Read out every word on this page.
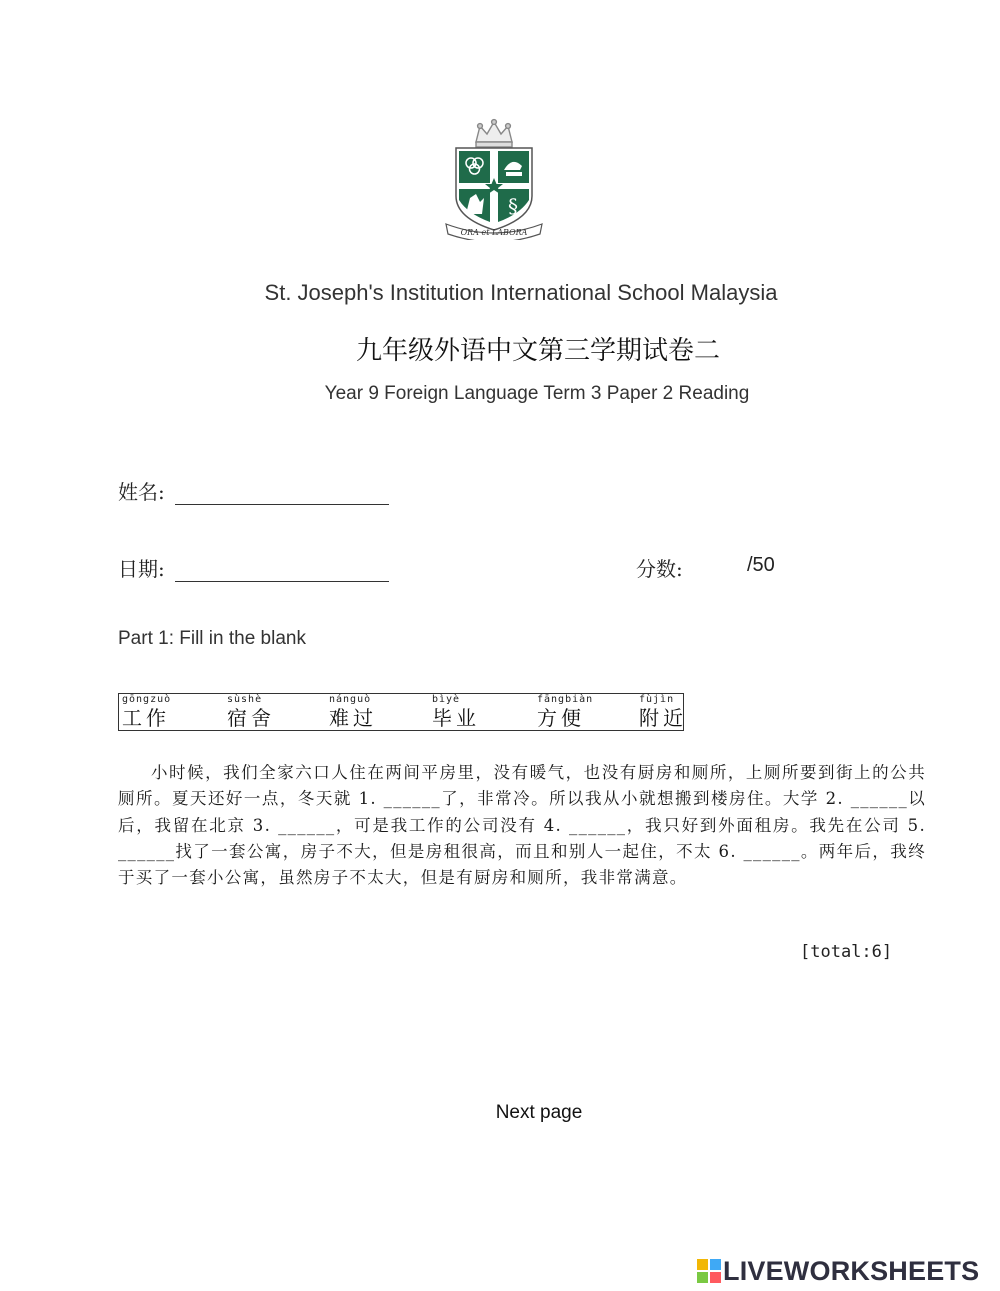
§
ORA et LABORA
St. Joseph's Institution International School Malaysia
九年级外语中文第三学期试卷二
Year 9 Foreign Language Term 3 Paper 2 Reading
姓名:
日期:	分数:	/50
Part 1: Fill in the blank
gōngzuò
工作
sùshè
宿舍
nánguò
难过
bìyè
毕业
fāngbiàn
方便
fùjìn
附近
小时候，我们全家六口人住在两间平房里，没有暖气，也没有厨房和厕所，上厕所要到街上的公共厕所。夏天还好一点，冬天就 1. ______了，非常冷。所以我从小就想搬到楼房住。大学 2. ______以后，我留在北京 3. ______，可是我工作的公司没有 4. ______，我只好到外面租房。我先在公司 5. ______找了一套公寓，房子不大，但是房租很高，而且和别人一起住，不太 6. ______。两年后，我终于买了一套小公寓，虽然房子不太大，但是有厨房和厕所，我非常满意。
[total:6]
Next page
LIVEWORKSHEETS
